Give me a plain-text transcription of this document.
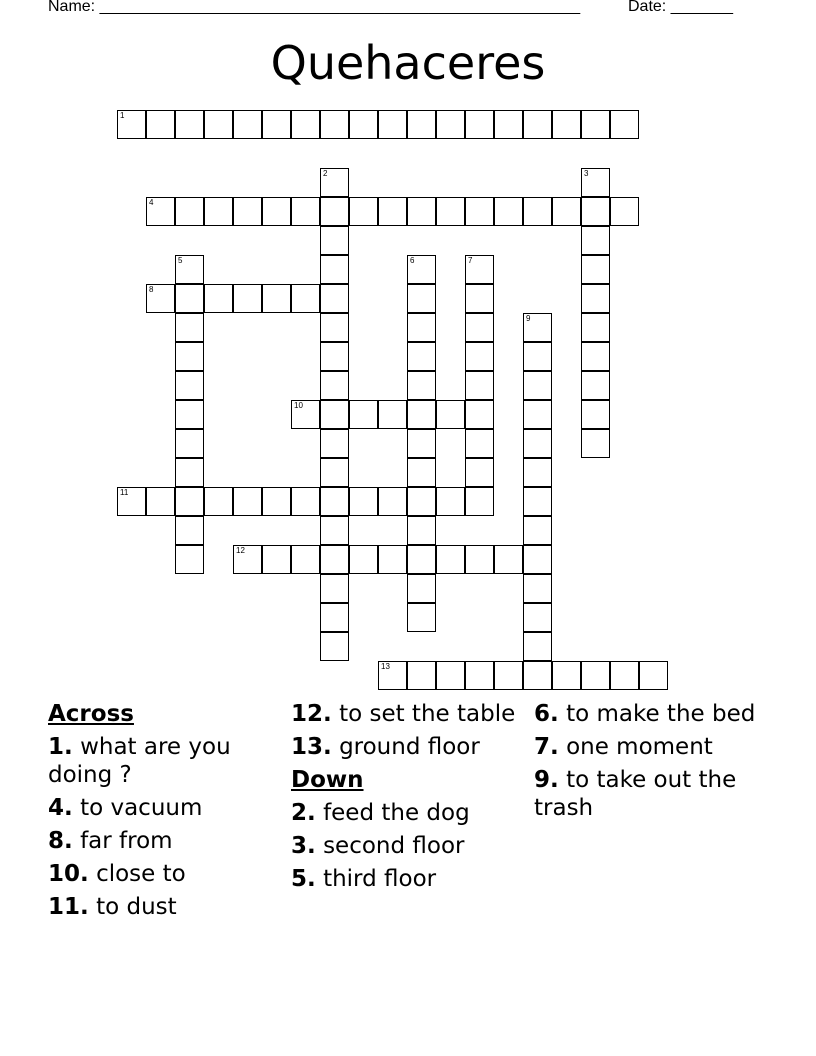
Name: ______________________________________________________	Date: _______
Quehaceres
1
2	3
4
5	6	7
8
9
10
11
12
13
Across
1. what are you doing ?
4. to vacuum
8. far from
10. close to
11. to dust
12. to set the table
13. ground floor
Down
2. feed the dog
3. second floor
5. third floor
6. to make the bed
7. one moment
9. to take out the trash
